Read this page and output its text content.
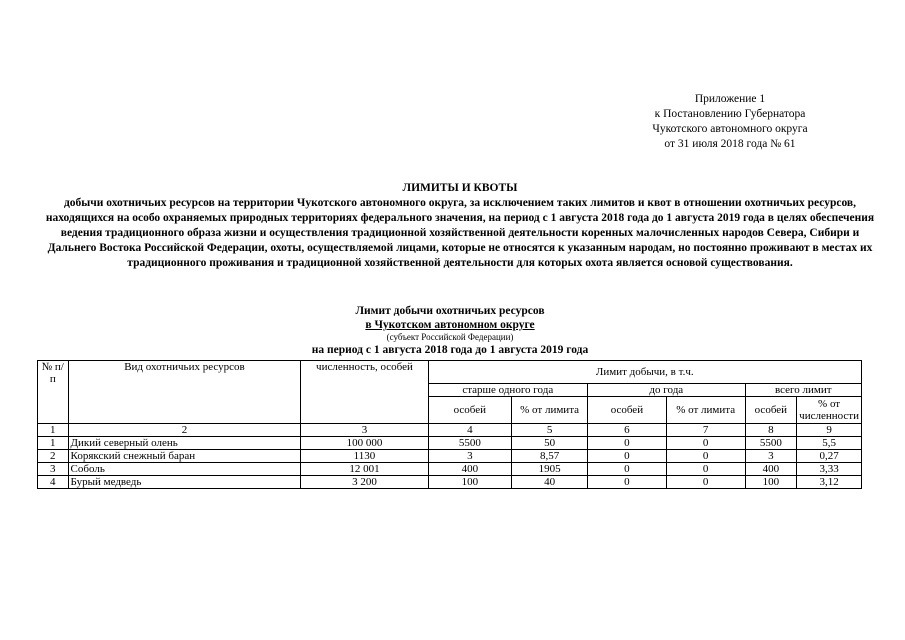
Приложение 1
к Постановлению Губернатора
Чукотского автономного округа
от 31 июля 2018 года № 61
ЛИМИТЫ И КВОТЫ
добычи охотничьих ресурсов на территории Чукотского автономного округа, за исключением таких лимитов и квот в отношении охотничьих ресурсов, находящихся на особо охраняемых природных территориях федерального значения, на период с 1 августа 2018 года до 1 августа 2019 года в целях обеспечения ведения традиционного образа жизни и осуществления традиционной хозяйственной деятельности коренных малочисленных народов Севера, Сибири и Дальнего Востока Российской Федерации, охоты, осуществляемой лицами, которые не относятся к указанным народам, но постоянно проживают в местах их традиционного проживания и традиционной хозяйственной деятельности для которых охота является основой существования.
Лимит добычи охотничьих ресурсов
в Чукотском автономном округе
(субъект Российской Федерации)
на период с 1 августа 2018 года до 1 августа 2019 года
№ п/п	Вид охотничьих ресурсов	численность, особей	Лимит добычи, в т.ч.					
			старше одного года		до года		всего лимит	
			особей	% от лимита	особей	% от лимита	особей	% от численности
1	2	3	4	5	6	7	8	9
1	Дикий северный олень	100 000	5500	50	0	0	5500	5,5
2	Корякский снежный баран	1130	3	8,57	0	0	3	0,27
3	Соболь	12 001	400	1905	0	0	400	3,33
4	Бурый медведь	3 200	100	40	0	0	100	3,12
